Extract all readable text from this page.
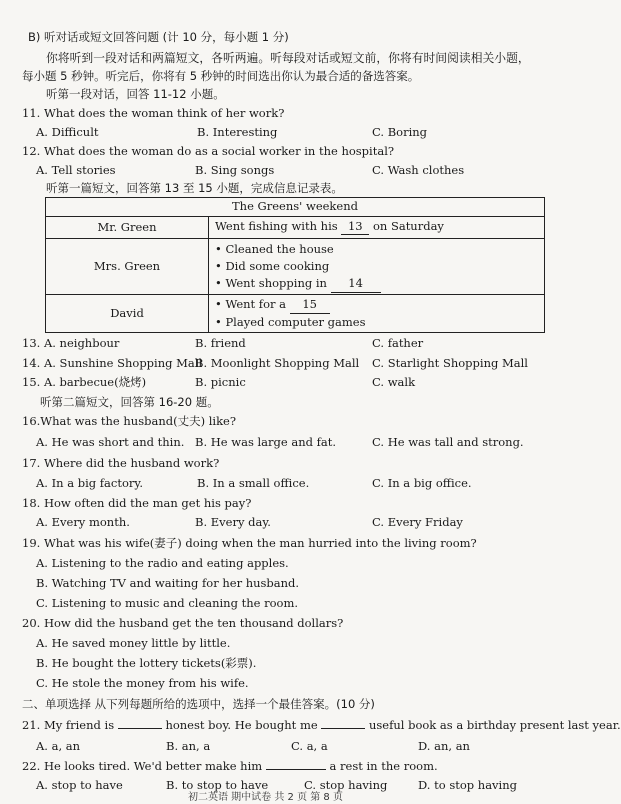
B) 听对话或短文回答问题 (计 10 分，每小题 1 分)
你将听到一段对话和两篇短文，各听两遍。听每段对话或短文前，你将有时间阅读相关小题，
每小题 5 秒钟。听完后，你将有 5 秒钟的时间选出你认为最合适的备选答案。
听第一段对话，回答 11-12 小题。
11. What does the woman think of her work?
A. Difficult	B. Interesting	C. Boring
12. What does the woman do as a social worker in the hospital?
A. Tell stories	B. Sing songs	C. Wash clothes
听第一篇短文，回答第 13 至 15 小题，完成信息记录表。
The Greens' weekend	
Mr. Green	Went fishing with his 13 on Saturday
Mrs. Green	• Cleaned the house
• Did some cooking
• Went shopping in 14

David	• Went for a 15
• Played computer games
13. A. neighbour	B. friend	C. father
14. A. Sunshine Shopping Mall
B. Moonlight Shopping Mall C. Starlight Shopping Mall
15. A. barbecue(烧烤)	B. picnic	C. walk
听第二篇短文，回答第 16-20 题。
16.What was the husband(丈夫) like?
A. He was short and thin. B. He was large and fat.	C. He was tall and strong.
17. Where did the husband work?
A. In a big factory.	B. In a small office.	C. In a big office.
18. How often did the man get his pay?
A. Every month.	B. Every day.	C. Every Friday
19. What was his wife(妻子) doing when the man hurried into the living room?
A. Listening to the radio and eating apples.
B. Watching TV and waiting for her husband.
C. Listening to music and cleaning the room.
20. How did the husband get the ten thousand dollars?
A. He saved money little by little.
B. He bought the lottery tickets(彩票).
C. He stole the money from his wife.
二、单项选择 从下列每题所给的选项中，选择一个最佳答案。(10 分)
21. My friend is	honest boy. He bought me	useful book as a birthday present last year.
A. a, an	B. an, a	C. a, a	D. an, an
22. He looks tired. We'd better make him	a rest in the room.
A. stop to have	B. to stop to have	C. stop having	D. to stop having
初二英语 期中试卷 共 2 页 第 8 页
